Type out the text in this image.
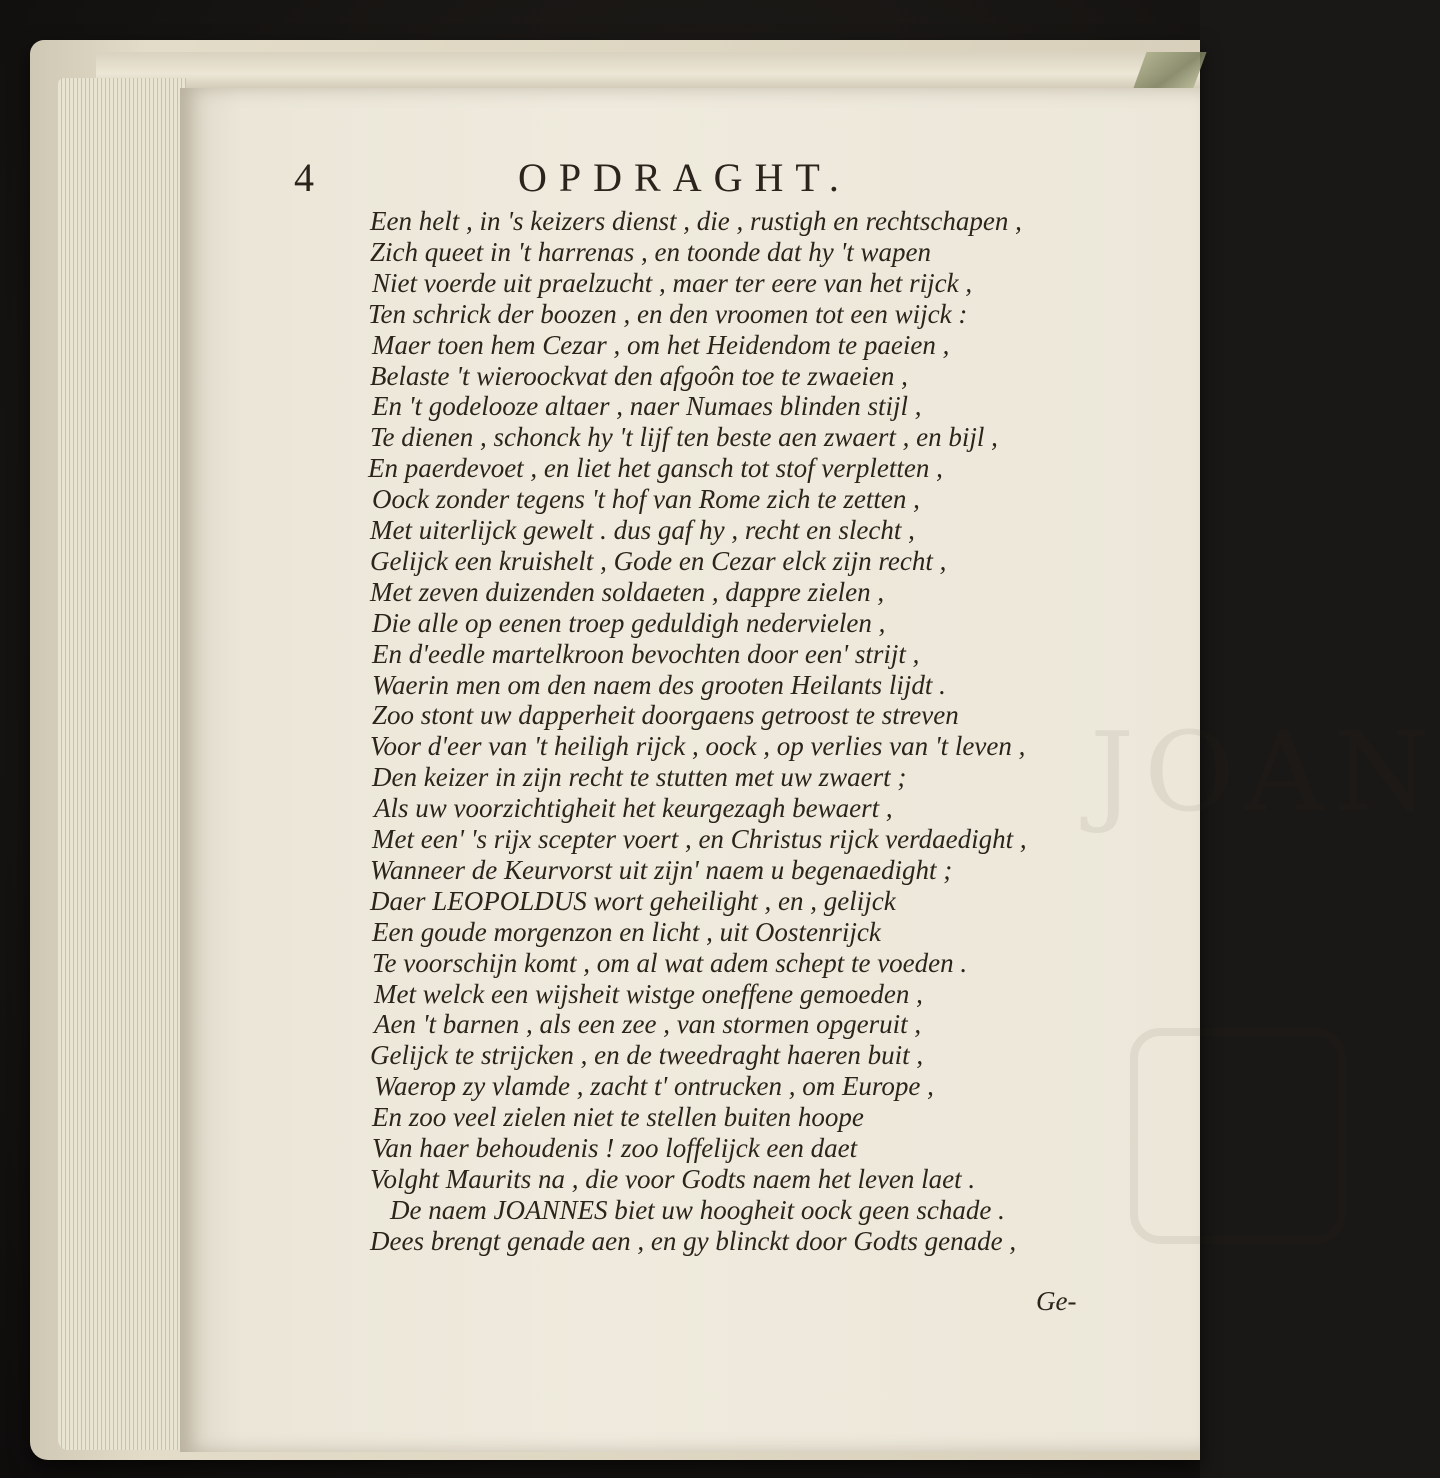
JOAN
4	OPDRAGHT.
Een helt , in 's keizers dienst , die , rustigh en rechtschapen ,
Zich queet in 't harrenas , en toonde dat hy 't wapen
Niet voerde uit praelzucht , maer ter eere van het rijck ,
Ten schrick der boozen , en den vroomen tot een wijck :
Maer toen hem Cezar , om het Heidendom te paeien ,
Belaste 't wieroockvat den afgoôn toe te zwaeien ,
En 't godelooze altaer , naer Numaes blinden stijl ,
Te dienen , schonck hy 't lijf ten beste aen zwaert , en bijl ,
En paerdevoet , en liet het gansch tot stof verpletten ,
Oock zonder tegens 't hof van Rome zich te zetten ,
Met uiterlijck gewelt . dus gaf hy , recht en slecht ,
Gelijck een kruishelt , Gode en Cezar elck zijn recht ,
Met zeven duizenden soldaeten , dappre zielen ,
Die alle op eenen troep geduldigh nedervielen ,
En d'eedle martelkroon bevochten door een' strijt ,
Waerin men om den naem des grooten Heilants lijdt .
Zoo stont uw dapperheit doorgaens getroost te streven
Voor d'eer van 't heiligh rijck , oock , op verlies van 't leven ,
Den keizer in zijn recht te stutten met uw zwaert ;
Als uw voorzichtigheit het keurgezagh bewaert ,
Met een' 's rijx scepter voert , en Christus rijck verdaedight ,
Wanneer de Keurvorst uit zijn' naem u begenaedight ;
Daer LEOPOLDUS wort geheilight , en , gelijck
Een goude morgenzon en licht , uit Oostenrijck
Te voorschijn komt , om al wat adem schept te voeden .
Met welck een wijsheit wistge oneffene gemoeden ,
Aen 't barnen , als een zee , van stormen opgeruit ,
Gelijck te strijcken , en de tweedraght haeren buit ,
Waerop zy vlamde , zacht t' ontrucken , om Europe ,
En zoo veel zielen niet te stellen buiten hoope
Van haer behoudenis ! zoo loffelijck een daet
Volght Maurits na , die voor Godts naem het leven laet .
De naem JOANNES biet uw hoogheit oock geen schade .
Dees brengt genade aen , en gy blinckt door Godts genade ,
Ge-
